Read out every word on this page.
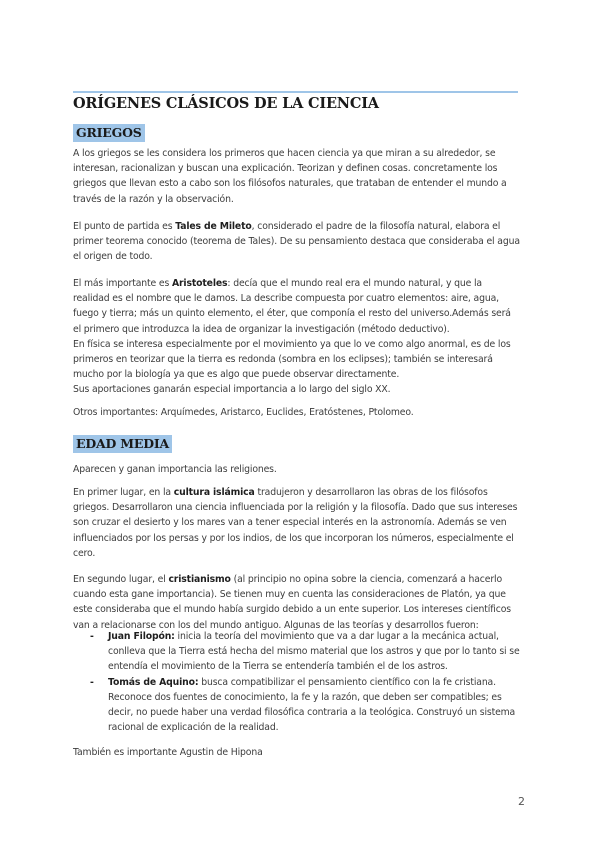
ORÍGENES CLÁSICOS DE LA CIENCIA
GRIEGOS

A los griegos se les considera los primeros que hacen ciencia ya que miran a su alrededor, se interesan, racionalizan y buscan una explicación. Teorizan y definen cosas. concretamente los griegos que llevan esto a cabo son los filósofos naturales, que trataban de entender el mundo a través de la razón y la observación.

El punto de partida es Tales de Mileto, considerado el padre de la filosofía natural, elabora el primer teorema conocido (teorema de Tales). De su pensamiento destaca que consideraba el agua el origen de todo.

El más importante es Aristoteles: decía que el mundo real era el mundo natural, y que la realidad es el nombre que le damos. La describe compuesta por cuatro elementos: aire, agua, fuego y tierra; más un quinto elemento, el éter, que componía el resto del universo.Además será el primero que introduzca la idea de organizar la investigación (método deductivo).
En física se interesa especialmente por el movimiento ya que lo ve como algo anormal, es de los primeros en teorizar que la tierra es redonda (sombra en los eclipses); también se interesará mucho por la biología ya que es algo que puede observar directamente.
Sus aportaciones ganarán especial importancia a lo largo del siglo XX.

Otros importantes: Arquímedes, Aristarco, Euclides, Eratóstenes, Ptolomeo.

EDAD MEDIA

Aparecen y ganan importancia las religiones.

En primer lugar, en la cultura islámica tradujeron y desarrollaron las obras de los filósofos griegos. Desarrollaron una ciencia influenciada por la religión y la filosofía. Dado que sus intereses son cruzar el desierto y los mares van a tener especial interés en la astronomía. Además se ven influenciados por los persas y por los indios, de los que incorporan los números, especialmente el cero.

En segundo lugar, el cristianismo (al principio no opina sobre la ciencia, comenzará a hacerlo cuando esta gane importancia). Se tienen muy en cuenta las consideraciones de Platón, ya que este consideraba que el mundo había surgido debido a un ente superior. Los intereses científicos van a relacionarse con los del mundo antiguo. Algunas de las teorías y desarrollos fueron:

- Juan Filopón: inicia la teoría del movimiento que va a dar lugar a la mecánica actual, conlleva que la Tierra está hecha del mismo material que los astros y que por lo tanto si se entendía el movimiento de la Tierra se entendería también el de los astros.
- Tomás de Aquino: busca compatibilizar el pensamiento científico con la fe cristiana. Reconoce dos fuentes de conocimiento, la fe y la razón, que deben ser compatibles; es decir, no puede haber una verdad filosófica contraria a la teológica. Construyó un sistema racional de explicación de la realidad.

También es importante Agustin de Hipona

2
